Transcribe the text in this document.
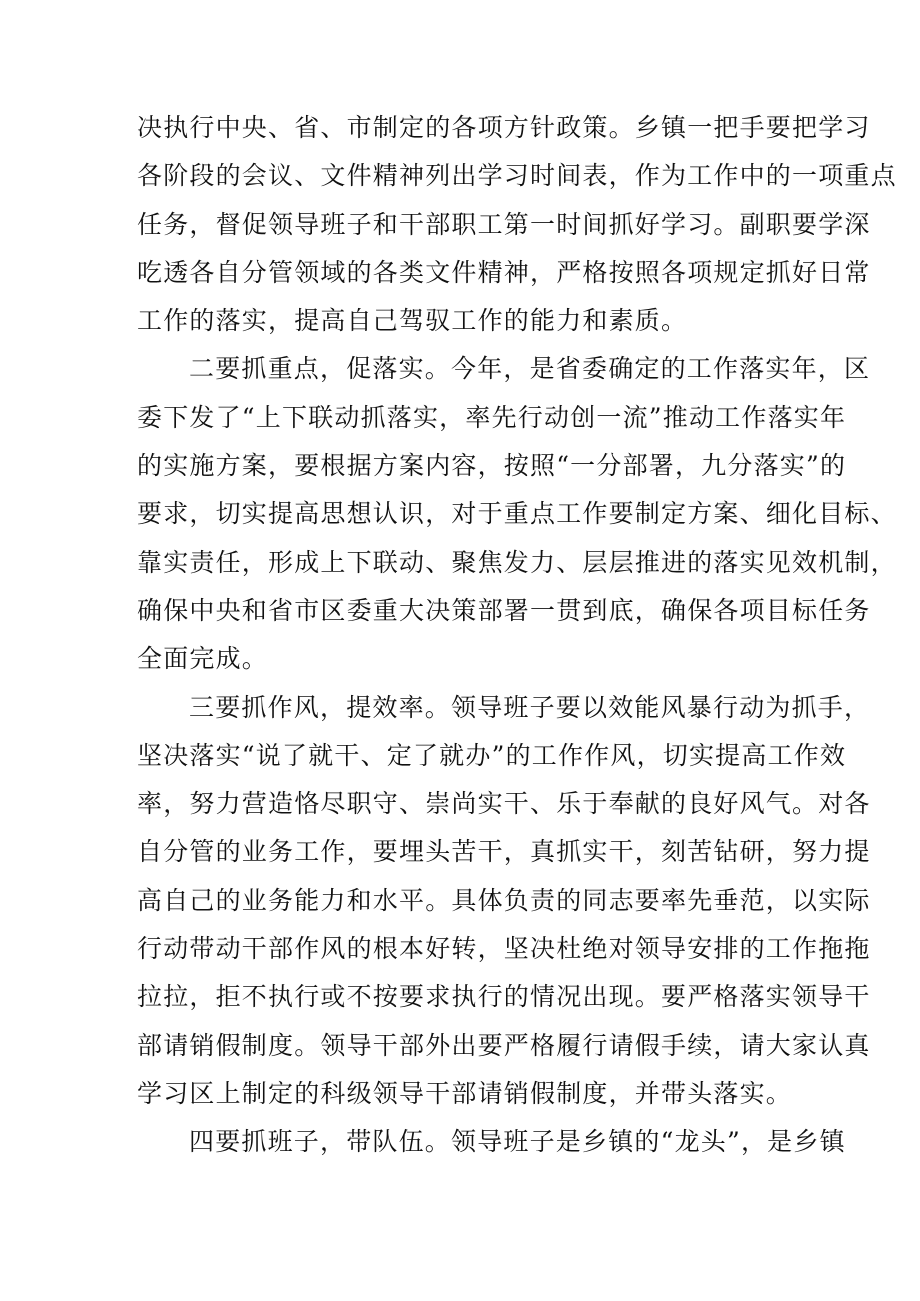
决执行中央、省、市制定的各项方针政策。乡镇一把手要把学习
各阶段的会议、文件精神列出学习时间表，作为工作中的一项重点
任务，督促领导班子和干部职工第一时间抓好学习。副职要学深
吃透各自分管领域的各类文件精神，严格按照各项规定抓好日常
工作的落实，提高自己驾驭工作的能力和素质。
二要抓重点，促落实。今年，是省委确定的工作落实年，区
委下发了“上下联动抓落实，率先行动创一流”推动工作落实年
的实施方案，要根据方案内容，按照“一分部署，九分落实”的
要求，切实提高思想认识，对于重点工作要制定方案、细化目标、
靠实责任，形成上下联动、聚焦发力、层层推进的落实见效机制，
确保中央和省市区委重大决策部署一贯到底，确保各项目标任务
全面完成。
三要抓作风，提效率。领导班子要以效能风暴行动为抓手，
坚决落实“说了就干、定了就办”的工作作风，切实提高工作效
率，努力营造恪尽职守、崇尚实干、乐于奉献的良好风气。对各
自分管的业务工作，要埋头苦干，真抓实干，刻苦钻研，努力提
高自己的业务能力和水平。具体负责的同志要率先垂范，以实际
行动带动干部作风的根本好转，坚决杜绝对领导安排的工作拖拖
拉拉，拒不执行或不按要求执行的情况出现。要严格落实领导干
部请销假制度。领导干部外出要严格履行请假手续，请大家认真
学习区上制定的科级领导干部请销假制度，并带头落实。
四要抓班子，带队伍。领导班子是乡镇的“龙头”，是乡镇
